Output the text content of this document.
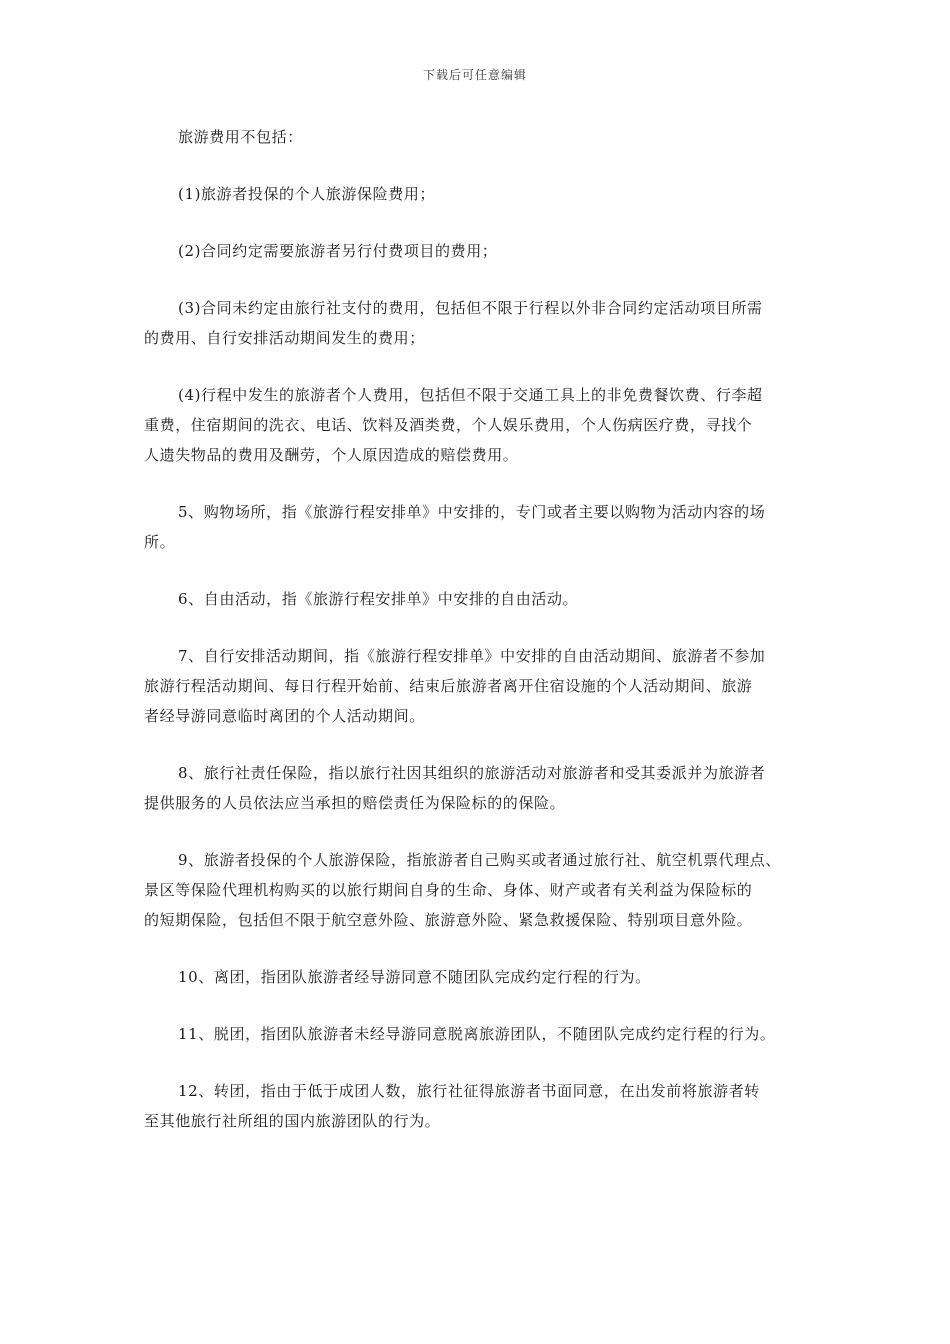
下载后可任意编辑

旅游费用不包括：

(1)旅游者投保的个人旅游保险费用；

(2)合同约定需要旅游者另行付费项目的费用；

(3)合同未约定由旅行社支付的费用，包括但不限于行程以外非合同约定活动项目所需
的费用、自行安排活动期间发生的费用；

(4)行程中发生的旅游者个人费用，包括但不限于交通工具上的非免费餐饮费、行李超
重费，住宿期间的洗衣、电话、饮料及酒类费，个人娱乐费用，个人伤病医疗费，寻找个
人遗失物品的费用及酬劳，个人原因造成的赔偿费用。

5、购物场所，指《旅游行程安排单》中安排的，专门或者主要以购物为活动内容的场
所。

6、自由活动，指《旅游行程安排单》中安排的自由活动。

7、自行安排活动期间，指《旅游行程安排单》中安排的自由活动期间、旅游者不参加
旅游行程活动期间、每日行程开始前、结束后旅游者离开住宿设施的个人活动期间、旅游
者经导游同意临时离团的个人活动期间。

8、旅行社责任保险，指以旅行社因其组织的旅游活动对旅游者和受其委派并为旅游者
提供服务的人员依法应当承担的赔偿责任为保险标的的保险。

9、旅游者投保的个人旅游保险，指旅游者自己购买或者通过旅行社、航空机票代理点、
景区等保险代理机构购买的以旅行期间自身的生命、身体、财产或者有关利益为保险标的
的短期保险，包括但不限于航空意外险、旅游意外险、紧急救援保险、特别项目意外险。

10、离团，指团队旅游者经导游同意不随团队完成约定行程的行为。

11、脱团，指团队旅游者未经导游同意脱离旅游团队，不随团队完成约定行程的行为。

12、转团，指由于低于成团人数，旅行社征得旅游者书面同意，在出发前将旅游者转
至其他旅行社所组的国内旅游团队的行为。
